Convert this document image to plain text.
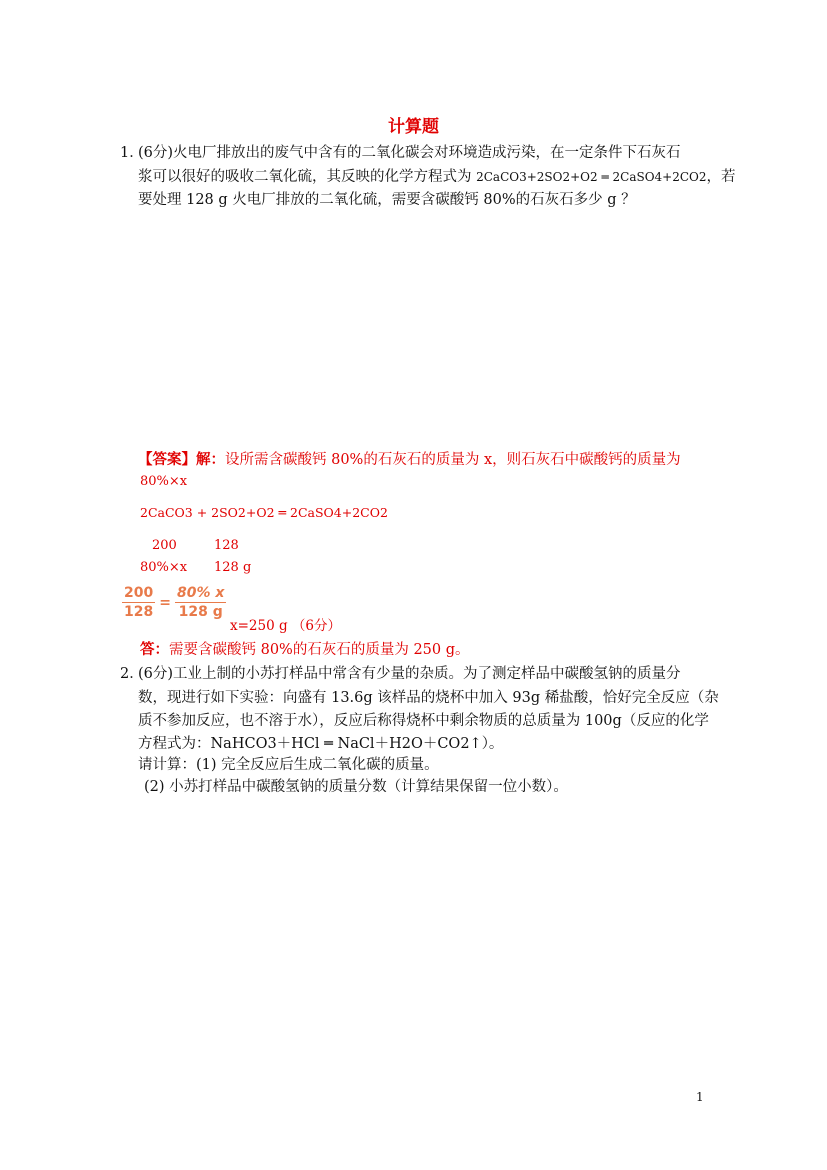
计算题
1．
(6分)火电厂排放出的废气中含有的二氧化碳会对环境造成污染，在一定条件下石灰石
浆可以很好的吸收二氧化硫，其反映的化学方程式为 2CaCO3+2SO2+O2 ═ 2CaSO4+2CO2，若
要处理 128 g 火电厂排放的二氧化硫，需要含碳酸钙 80%的石灰石多少 g ？
【答案】解：设所需含碳酸钙 80%的石灰石的质量为 x，则石灰石中碳酸钙的质量为
80%×x
2CaCO3 + 2SO2+O2 ═ 2CaSO4+2CO2
200	128
80%×x 128 g
$\frac{200}{128} = \frac{80\% x}{128 g}$
x=250 g （6分）
答：需要含碳酸钙 80%的石灰石的质量为 250 g。
2．
(6分)工业上制的小苏打样品中常含有少量的杂质。为了测定样品中碳酸氢钠的质量分
数，现进行如下实验：向盛有 13.6g 该样品的烧杯中加入 93g 稀盐酸，恰好完全反应（杂
质不参加反应，也不溶于水），反应后称得烧杯中剩余物质的总质量为 100g（反应的化学
方程式为：NaHCO3＋HCl ═ NaCl＋H2O＋CO2↑）。
请计算：(1) 完全反应后生成二氧化碳的质量。
(2) 小苏打样品中碳酸氢钠的质量分数（计算结果保留一位小数）。
1
